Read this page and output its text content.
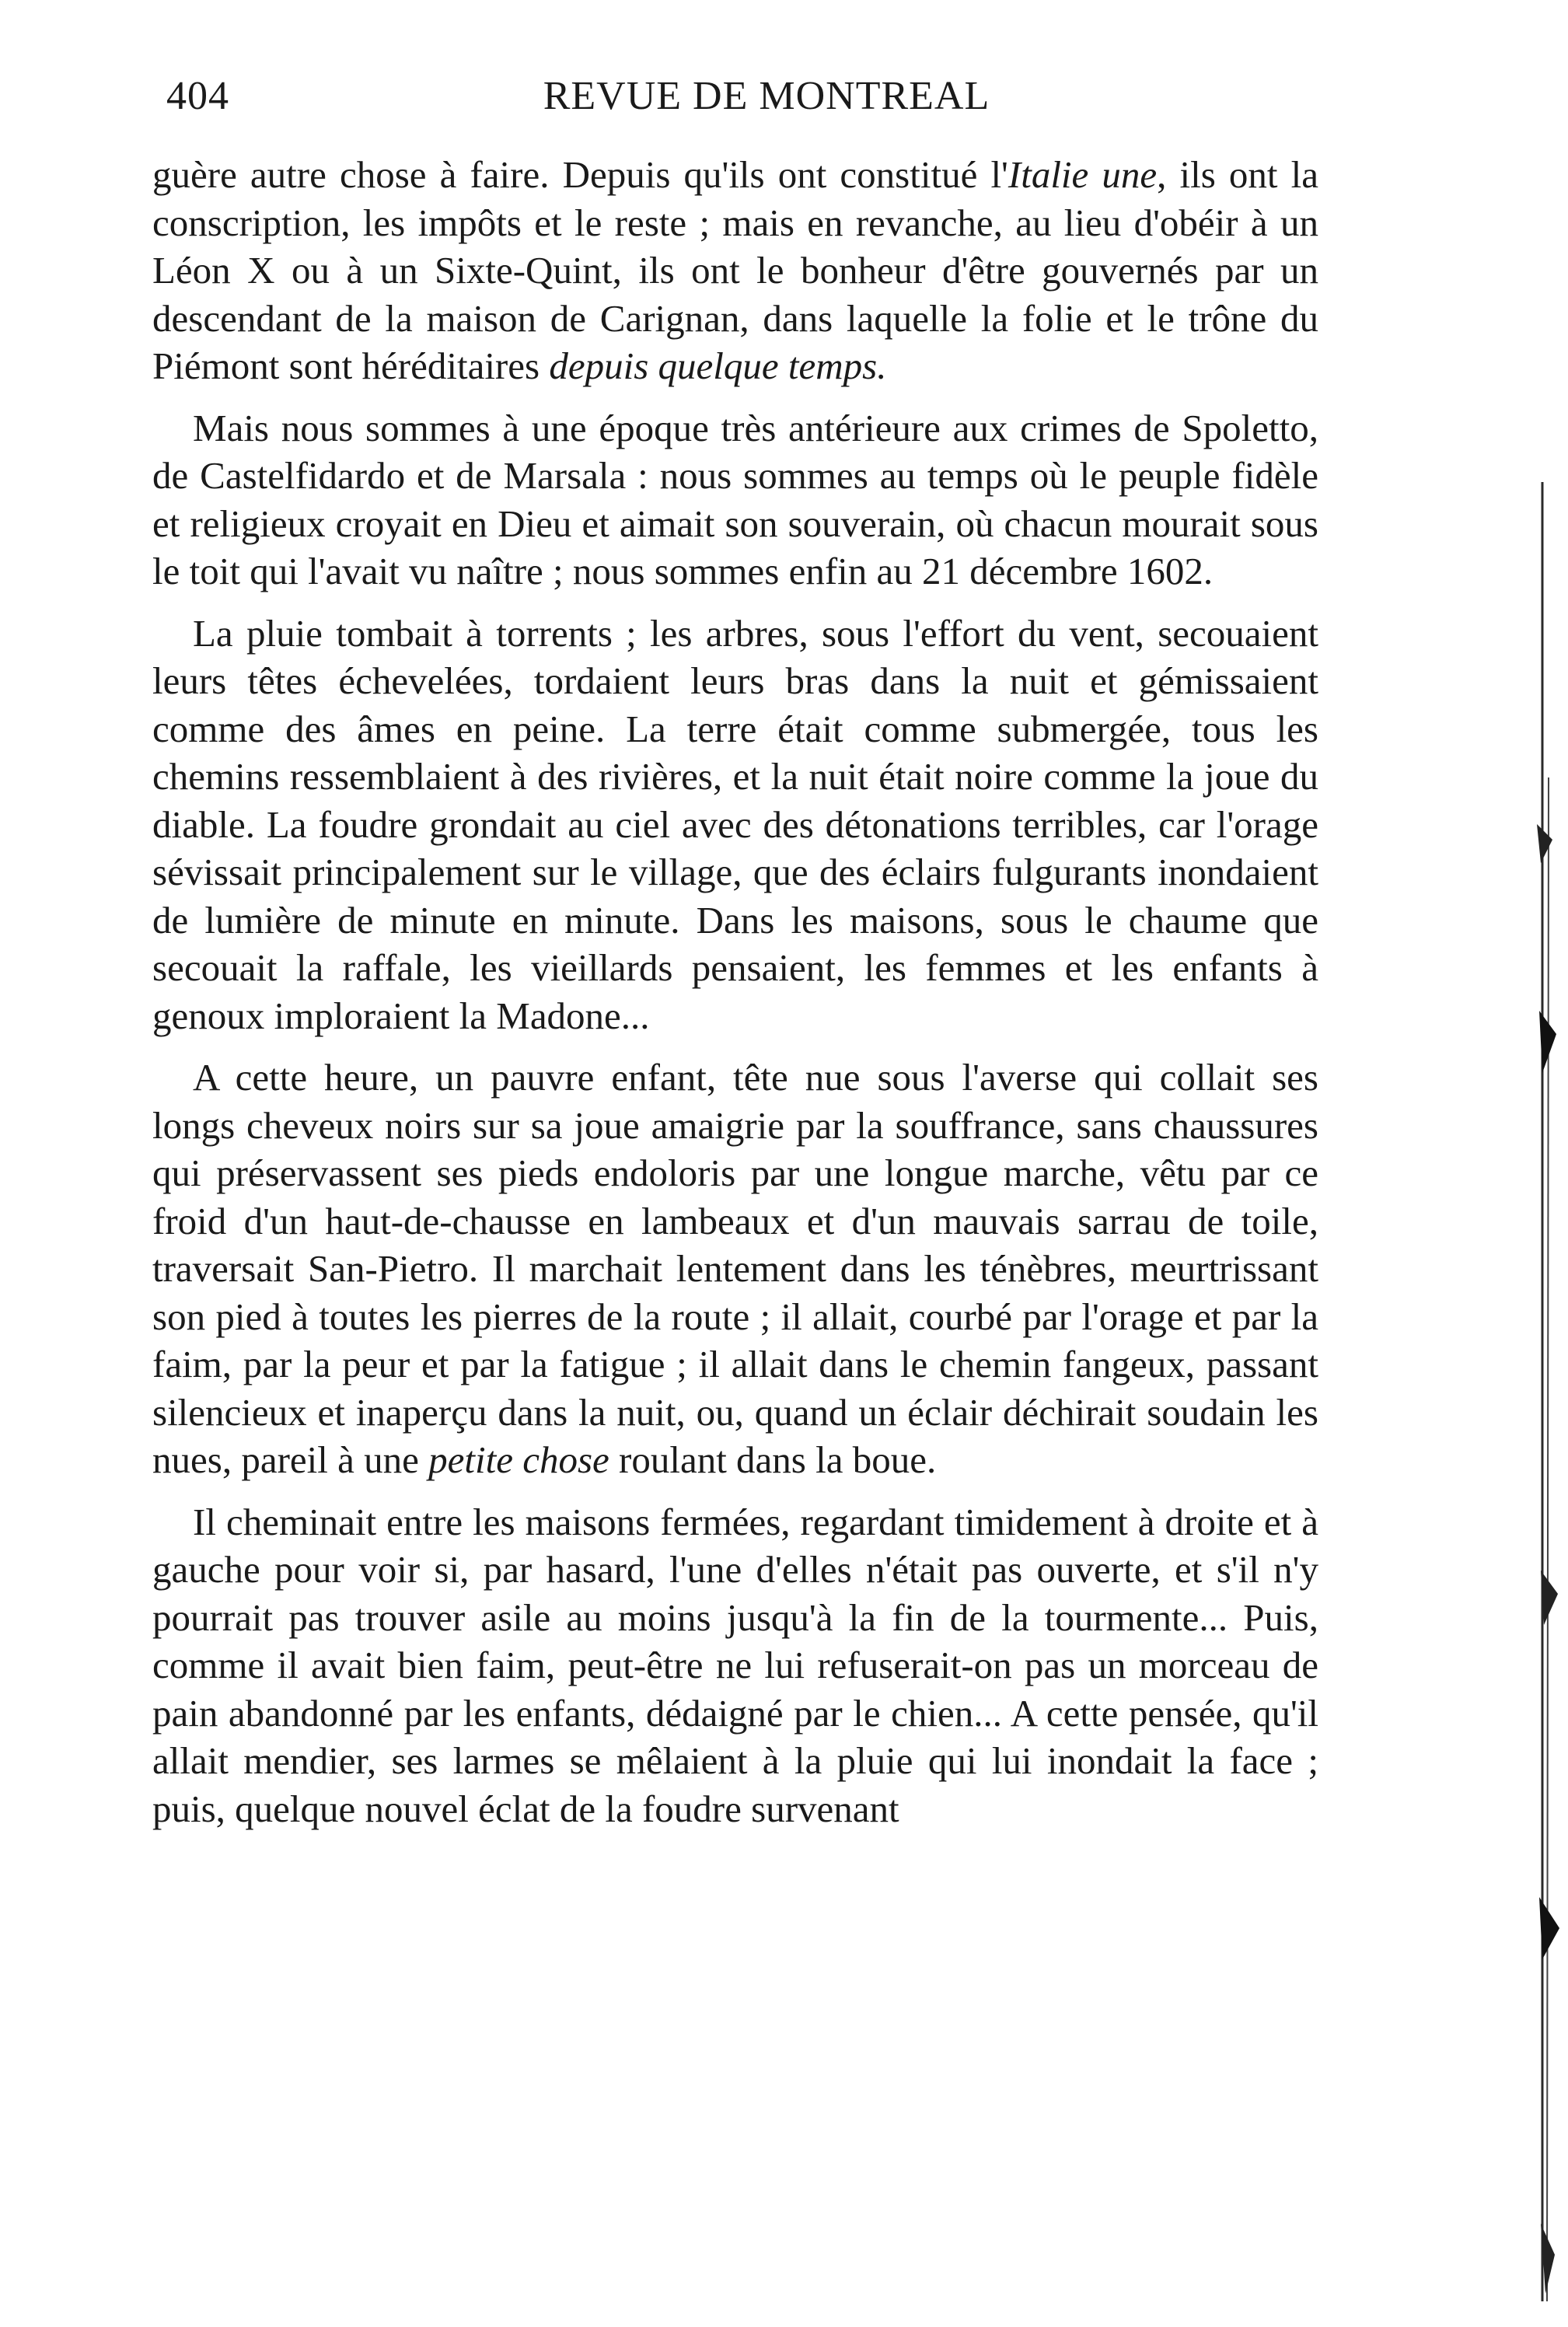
404	REVUE DE MONTREAL

guère autre chose à faire. Depuis qu'ils ont constitué l'Italie une, ils ont la conscription, les impôts et le reste ; mais en revanche, au lieu d'obéir à un Léon X ou à un Sixte-Quint, ils ont le bonheur d'être gouvernés par un descendant de la maison de Carignan, dans laquelle la folie et le trône du Piémont sont héréditaires depuis quelque temps.

Mais nous sommes à une époque très antérieure aux crimes de Spoletto, de Castelfidardo et de Marsala : nous sommes au temps où le peuple fidèle et religieux croyait en Dieu et aimait son souverain, où chacun mourait sous le toit qui l'avait vu naître ; nous sommes enfin au 21 décembre 1602.

La pluie tombait à torrents ; les arbres, sous l'effort du vent, secouaient leurs têtes échevelées, tordaient leurs bras dans la nuit et gémissaient comme des âmes en peine. La terre était comme submergée, tous les chemins ressemblaient à des rivières, et la nuit était noire comme la joue du diable. La foudre grondait au ciel avec des détonations terribles, car l'orage sévissait principalement sur le village, que des éclairs fulgurants inondaient de lumière de minute en minute. Dans les maisons, sous le chaume que secouait la raffale, les vieillards pensaient, les femmes et les enfants à genoux imploraient la Madone...

A cette heure, un pauvre enfant, tête nue sous l'averse qui collait ses longs cheveux noirs sur sa joue amaigrie par la souffrance, sans chaussures qui préservassent ses pieds endoloris par une longue marche, vêtu par ce froid d'un haut-de-chausse en lambeaux et d'un mauvais sarrau de toile, traversait San-Pietro. Il marchait lentement dans les ténèbres, meurtrissant son pied à toutes les pierres de la route ; il allait, courbé par l'orage et par la faim, par la peur et par la fatigue ; il allait dans le chemin fangeux, passant silencieux et inaperçu dans la nuit, ou, quand un éclair déchirait soudain les nues, pareil à une petite chose roulant dans la boue.

Il cheminait entre les maisons fermées, regardant timidement à droite et à gauche pour voir si, par hasard, l'une d'elles n'était pas ouverte, et s'il n'y pourrait pas trouver asile au moins jusqu'à la fin de la tourmente... Puis, comme il avait bien faim, peut-être ne lui refuserait-on pas un morceau de pain abandonné par les enfants, dédaigné par le chien... A cette pensée, qu'il allait mendier, ses larmes se mêlaient à la pluie qui lui inondait la face ; puis, quelque nouvel éclat de la foudre survenant
